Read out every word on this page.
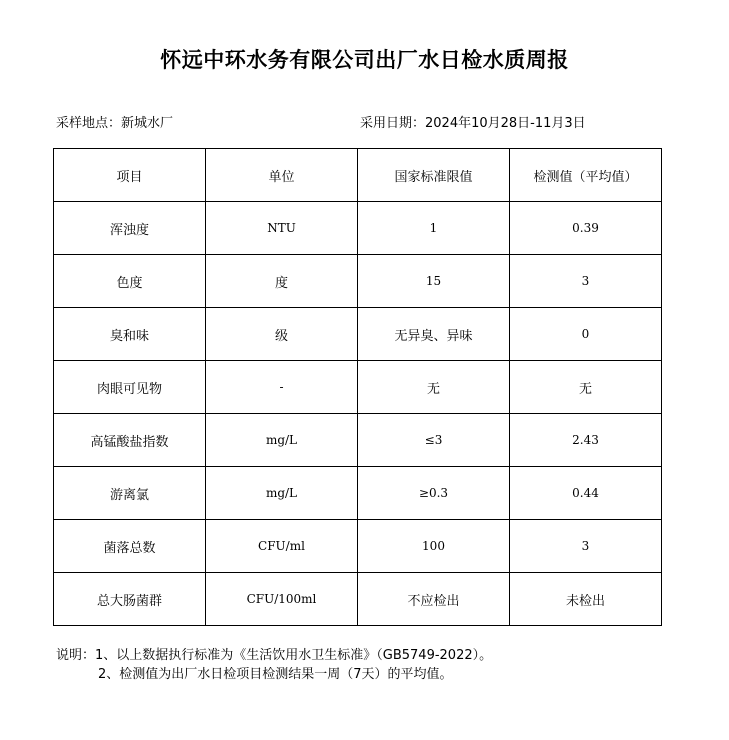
怀远中环水务有限公司出厂水日检水质周报
采样地点：新城水厂	采用日期：2024年10月28日-11月3日
项目	单位	国家标准限值	检测值（平均值）
浑浊度	NTU	1	0.39
色度	度	15	3
臭和味	级	无异臭、异味	0
肉眼可见物	-	无	无
高锰酸盐指数	mg/L	≤3	2.43
游离氯	mg/L	≥0.3	0.44
菌落总数	CFU/ml	100	3
总大肠菌群	CFU/100ml	不应检出	未检出
说明：1、以上数据执行标准为《生活饮用水卫生标准》（GB5749-2022）。
2、检测值为出厂水日检项目检测结果一周（7天）的平均值。
